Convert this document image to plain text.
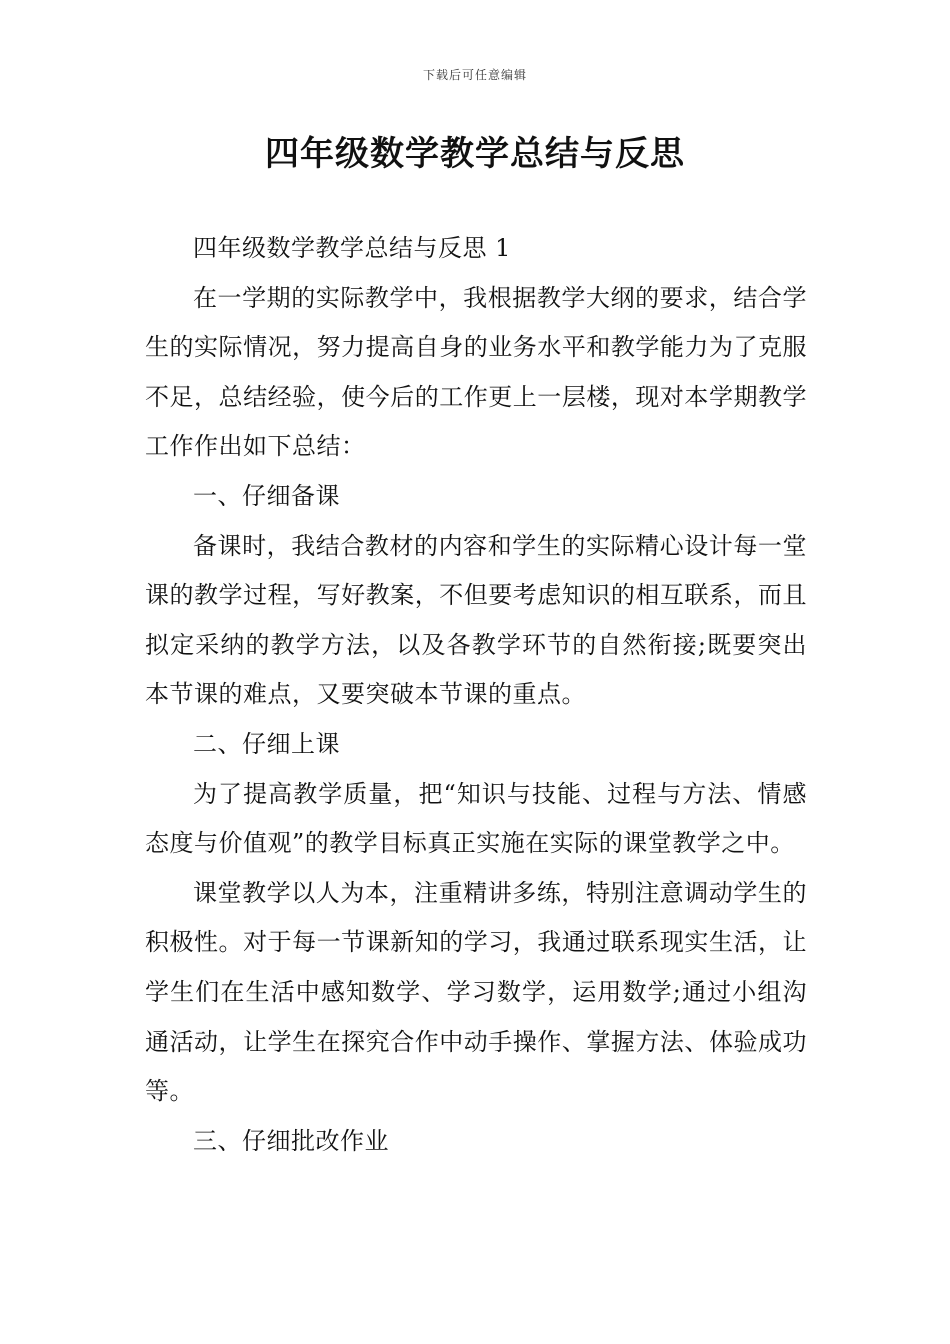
下载后可任意编辑
四年级数学教学总结与反思

四年级数学教学总结与反思 1

在一学期的实际教学中，我根据教学大纲的要求，结合学生的实际情况，努力提高自身的业务水平和教学能力为了克服不足，总结经验，使今后的工作更上一层楼，现对本学期教学工作作出如下总结：

一、仔细备课

备课时，我结合教材的内容和学生的实际精心设计每一堂课的教学过程，写好教案，不但要考虑知识的相互联系，而且拟定采纳的教学方法，以及各教学环节的自然衔接;既要突出本节课的难点，又要突破本节课的重点。

二、仔细上课

为了提高教学质量，把“知识与技能、过程与方法、情感态度与价值观”的教学目标真正实施在实际的课堂教学之中。

课堂教学以人为本，注重精讲多练，特别注意调动学生的积极性。对于每一节课新知的学习，我通过联系现实生活，让学生们在生活中感知数学、学习数学，运用数学;通过小组沟通活动，让学生在探究合作中动手操作、掌握方法、体验成功等。

三、仔细批改作业
